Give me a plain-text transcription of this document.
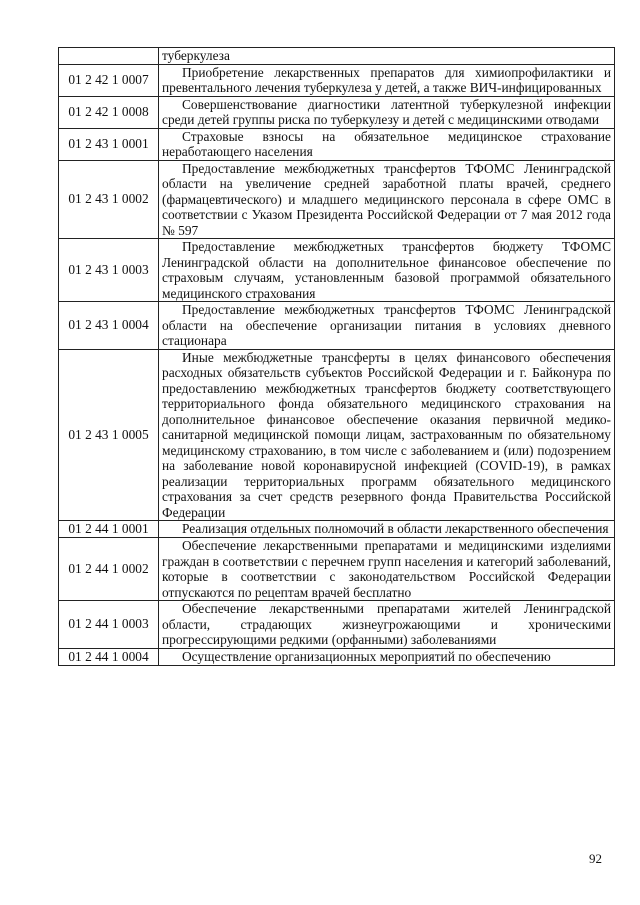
	туберкулеза

01 2 42 1 0007	Приобретение лекарственных препаратов для химиопрофилактики и превентального лечения туберкулеза у детей, а также ВИЧ-инфицированных

01 2 42 1 0008	Совершенствование диагностики латентной туберкулезной инфекции среди детей группы риска по туберкулезу и детей с медицинскими отводами

01 2 43 1 0001	Страховые взносы на обязательное медицинское страхование неработающего населения

01 2 43 1 0002	Предоставление межбюджетных трансфертов ТФОМС Ленинградской области на увеличение средней заработной платы врачей, среднего (фармацевтического) и младшего медицинского персонала в сфере ОМС в соответствии с Указом Президента Российской Федерации от 7 мая 2012 года № 597

01 2 43 1 0003	Предоставление межбюджетных трансфертов бюджету ТФОМС Ленинградской области на дополнительное финансовое обеспечение по страховым случаям, установленным базовой программой обязательного медицинского страхования

01 2 43 1 0004	Предоставление межбюджетных трансфертов ТФОМС Ленинградской области на обеспечение организации питания в условиях дневного стационара

01 2 43 1 0005	Иные межбюджетные трансферты в целях финансового обеспечения расходных обязательств субъектов Российской Федерации и г. Байконура по предоставлению межбюджетных трансфертов бюджету соответствующего территориального фонда обязательного медицинского страхования на дополнительное финансовое обеспечение оказания первичной медико-санитарной медицинской помощи лицам, застрахованным по обязательному медицинскому страхованию, в том числе с заболеванием и (или) подозрением на заболевание новой коронавирусной инфекцией (COVID-19), в рамках реализации территориальных программ обязательного медицинского страхования за счет средств резервного фонда Правительства Российской Федерации

01 2 44 1 0001	Реализация отдельных полномочий в области лекарственного обеспечения

01 2 44 1 0002	Обеспечение лекарственными препаратами и медицинскими изделиями граждан в соответствии с перечнем групп населения и категорий заболеваний, которые в соответствии с законодательством Российской Федерации отпускаются по рецептам врачей бесплатно

01 2 44 1 0003	Обеспечение лекарственными препаратами жителей Ленинградской области, страдающих жизнеугрожающими и хроническими прогрессирующими редкими (орфанными) заболеваниями

01 2 44 1 0004	Осуществление организационных мероприятий по обеспечению
92
